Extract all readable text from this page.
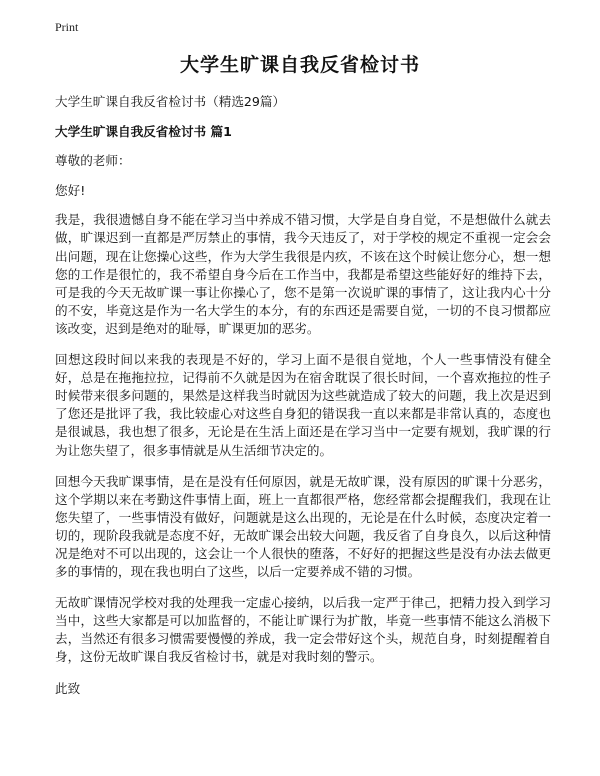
Print
大学生旷课自我反省检讨书

大学生旷课自我反省检讨书（精选29篇）

大学生旷课自我反省检讨书 篇1

尊敬的老师：

您好!

我是，我很遗憾自身不能在学习当中养成不错习惯，大学是自身自觉，不是想做什么就去做，旷课迟到一直都是严厉禁止的事情，我今天违反了，对于学校的规定不重视一定会会出问题，现在让您操心这些，作为大学生我很是内疚，不该在这个时候让您分心，想一想您的工作是很忙的，我不希望自身今后在工作当中，我都是希望这些能好好的维持下去，可是我的今天无故旷课一事让你操心了，您不是第一次说旷课的事情了，这让我内心十分的不安，毕竟这是作为一名大学生的本分，有的东西还是需要自觉，一切的不良习惯都应该改变，迟到是绝对的耻辱，旷课更加的恶劣。

回想这段时间以来我的表现是不好的，学习上面不是很自觉地，个人一些事情没有健全好，总是在拖拖拉拉，记得前不久就是因为在宿舍耽误了很长时间，一个喜欢拖拉的性子时候带来很多问题的，果然是这样我当时就因为这些就造成了较大的问题，我上次是迟到了您还是批评了我，我比较虚心对这些自身犯的错误我一直以来都是非常认真的，态度也是很诚恳，我也想了很多，无论是在生活上面还是在学习当中一定要有规划，我旷课的行为让您失望了，很多事情就是从生活细节决定的。

回想今天我旷课事情，是在是没有任何原因，就是无故旷课，没有原因的旷课十分恶劣，这个学期以来在考勤这件事情上面，班上一直都很严格，您经常都会提醒我们，我现在让您失望了，一些事情没有做好，问题就是这么出现的，无论是在什么时候，态度决定着一切的，现阶段我就是态度不好，无故旷课会出较大问题，我反省了自身良久，以后这种情况是绝对不可以出现的，这会让一个人很快的堕落，不好好的把握这些是没有办法去做更多的事情的，现在我也明白了这些，以后一定要养成不错的习惯。

无故旷课情况学校对我的处理我一定虚心接纳，以后我一定严于律己，把精力投入到学习当中，这些大家都是可以加监督的，不能让旷课行为扩散，毕竟一些事情不能这么消极下去，当然还有很多习惯需要慢慢的养成，我一定会带好这个头，规范自身，时刻提醒着自身，这份无故旷课自我反省检讨书，就是对我时刻的警示。

此致
